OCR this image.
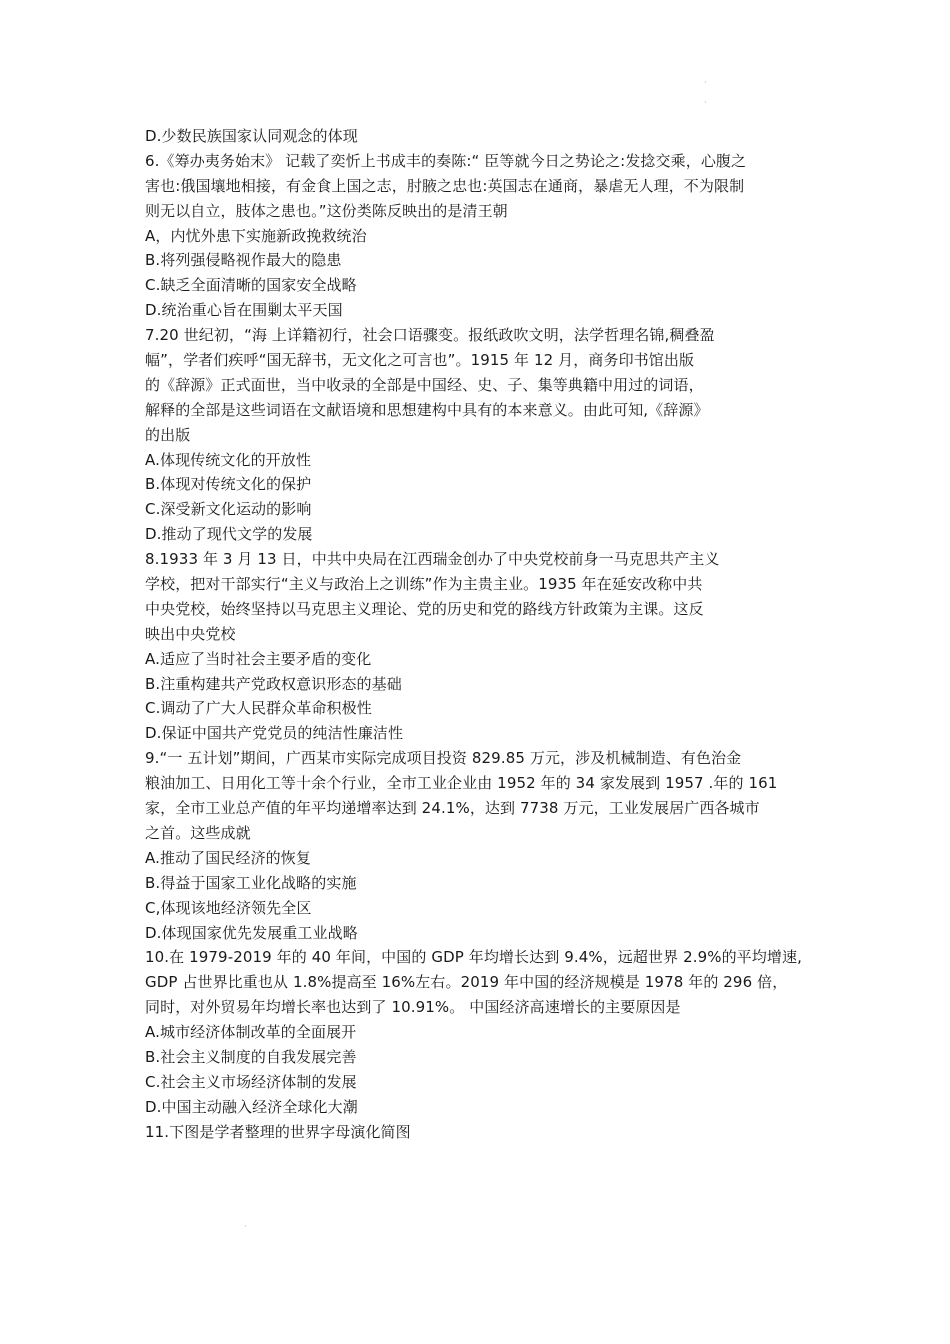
·
·
·
D.少数民族国家认同观念的体现
6.《筹办夷务始末》 记载了奕忻上书成丰的奏陈:“ 臣等就今日之势论之:发捻交乘，心腹之
害也:俄国壤地相接，有金食上国之志，肘腋之忠也:英国志在通商，暴虐无人理，不为限制
则无以自立，肢体之患也。”这份类陈反映出的是清王朝
A，内忧外患下实施新政挽救统治
B.将列强侵略视作最大的隐患
C.缺乏全面清晰的国家安全战略
D.统治重心旨在围剿太平天国
7.20 世纪初，“海 上详籍初行，社会口语骤变。报纸政吹文明，法学哲理名锦,稠叠盈
幅”，学者们疾呼“国无辞书，无文化之可言也”。1915 年 12 月，商务印书馆出版
的《辞源》正式面世，当中收录的全部是中国经、史、子、集等典籍中用过的词语，
解释的全部是这些词语在文献语境和思想建构中具有的本来意义。由此可知,《辞源》
的出版
A.体现传统文化的开放性
B.体现对传统文化的保护
C.深受新文化运动的影响
D.推动了现代文学的发展
8.1933 年 3 月 13 日，中共中央局在江西瑞金创办了中央党校前身一马克思共产主义
学校，把对干部实行“主义与政治上之训练”作为主贵主业。1935 年在延安改称中共
中央党校，始终坚持以马克思主义理论、党的历史和党的路线方针政策为主课。这反
映出中央党校
A.适应了当时社会主要矛盾的变化
B.注重构建共产党政权意识形态的基础
C.调动了广大人民群众革命积极性
D.保证中国共产党党员的纯洁性廉洁性
9.“一 五计划”期间，广西某市实际完成项目投资 829.85 万元，涉及机械制造、有色治金
粮油加工、日用化工等十余个行业，全市工业企业由 1952 年的 34 家发展到 1957 .年的 161
家，全市工业总产值的年平均递增率达到 24.1%，达到 7738 万元，工业发展居广西各城市
之首。这些成就
A.推动了国民经济的恢复
B.得益于国家工业化战略的实施
C,体现该地经济领先全区
D.体现国家优先发展重工业战略
10.在 1979-2019 年的 40 年间，中国的 GDP 年均增长达到 9.4%，远超世界 2.9%的平均增速,
GDP 占世界比重也从 1.8%提高至 16%左右。2019 年中国的经济规模是 1978 年的 296 倍，
同时，对外贸易年均增长率也达到了 10.91%。 中国经济高速增长的主要原因是
A.城市经济体制改革的全面展开
B.社会主义制度的自我发展完善
C.社会主义市场经济体制的发展
D.中国主动融入经济全球化大潮
11.下图是学者整理的世界字母演化简图
